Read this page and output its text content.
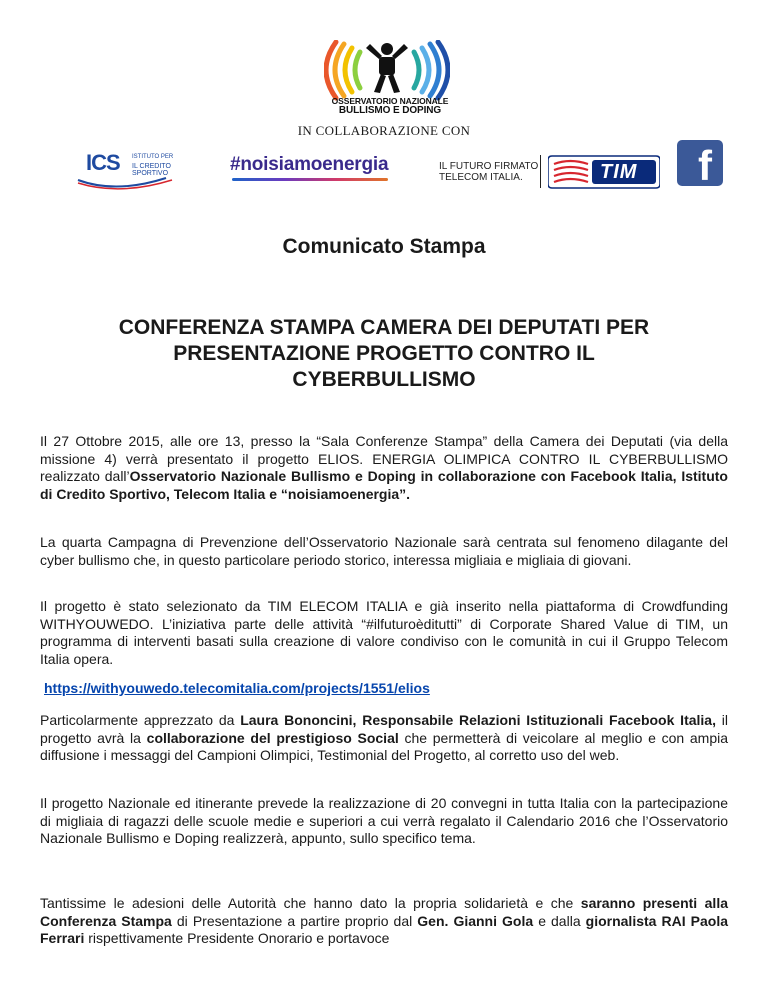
OSSERVATORIO NAZIONALE
BULLISMO E DOPING
IN COLLABORAZIONE CON
ICS ISTITUTO PER
IL CREDITO SPORTIVO	#noisiamoenergia	IL FUTURO FIRMATO
TELECOM ITALIA.	TIM f
Comunicato Stampa
CONFERENZA STAMPA CAMERA DEI DEPUTATI PER
PRESENTAZIONE PROGETTO CONTRO IL
CYBERBULLISMO
Il 27 Ottobre 2015, alle ore 13, presso la “Sala Conferenze Stampa” della Camera dei Deputati (via della missione 4) verrà presentato il progetto ELIOS. ENERGIA OLIMPICA CONTRO IL CYBERBULLISMO realizzato dall’Osservatorio Nazionale Bullismo e Doping in collaborazione con Facebook Italia, Istituto di Credito Sportivo, Telecom Italia e “noisiamoenergia”.
La quarta Campagna di Prevenzione dell’Osservatorio Nazionale sarà centrata sul fenomeno dilagante del cyber bullismo che, in questo particolare periodo storico, interessa migliaia e migliaia di giovani.
Il progetto è stato selezionato da TIM ELECOM ITALIA e già inserito nella piattaforma di Crowdfunding WITHYOUWEDO. L’iniziativa parte delle attività “#ilfuturoèditutti” di Corporate Shared Value di TIM, un programma di interventi basati sulla creazione di valore condiviso con le comunità in cui il Gruppo Telecom Italia opera.
https://withyouwedo.telecomitalia.com/projects/1551/elios
Particolarmente apprezzato da Laura Bononcini, Responsabile Relazioni Istituzionali Facebook Italia, il progetto avrà la collaborazione del prestigioso Social che permetterà di veicolare al meglio e con ampia diffusione i messaggi del Campioni Olimpici, Testimonial del Progetto, al corretto uso del web.
Il progetto Nazionale ed itinerante prevede la realizzazione di 20 convegni in tutta Italia con la partecipazione di migliaia di ragazzi delle scuole medie e superiori a cui verrà regalato il Calendario 2016 che l’Osservatorio Nazionale Bullismo e Doping realizzerà, appunto, sullo specifico tema.
Tantissime le adesioni delle Autorità che hanno dato la propria solidarietà e che saranno presenti alla Conferenza Stampa di Presentazione a partire proprio dal Gen. Gianni Gola e dalla giornalista RAI Paola Ferrari rispettivamente Presidente Onorario e portavoce
